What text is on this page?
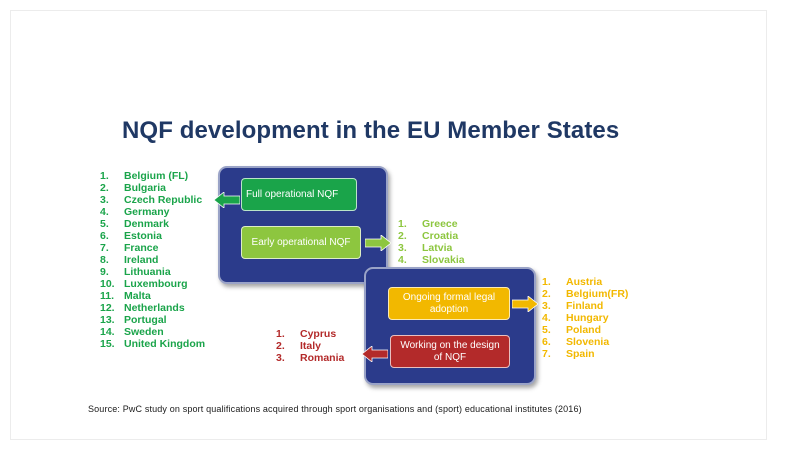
NQF development in the EU Member States
Full operational NQF
Early operational NQF
Ongoing formal legal adoption
Working on the design of NQF
1.	Belgium (FL)
2.	Bulgaria
3.	Czech Republic
4.	Germany
5.	Denmark
6.	Estonia
7.	France
8.	Ireland
9.	Lithuania
10. Luxembourg
11. Malta
12. Netherlands
13. Portugal
14. Sweden
15. United Kingdom
1.	Greece
2.	Croatia
3.	Latvia
4.	Slovakia
1.	Austria
2.	Belgium(FR)
3.	Finland
4.	Hungary
5.	Poland
6.	Slovenia
7.	Spain
1.	Cyprus
2.	Italy
3.	Romania
Source: PwC study on sport qualifications acquired through sport organisations and (sport) educational institutes (2016)
